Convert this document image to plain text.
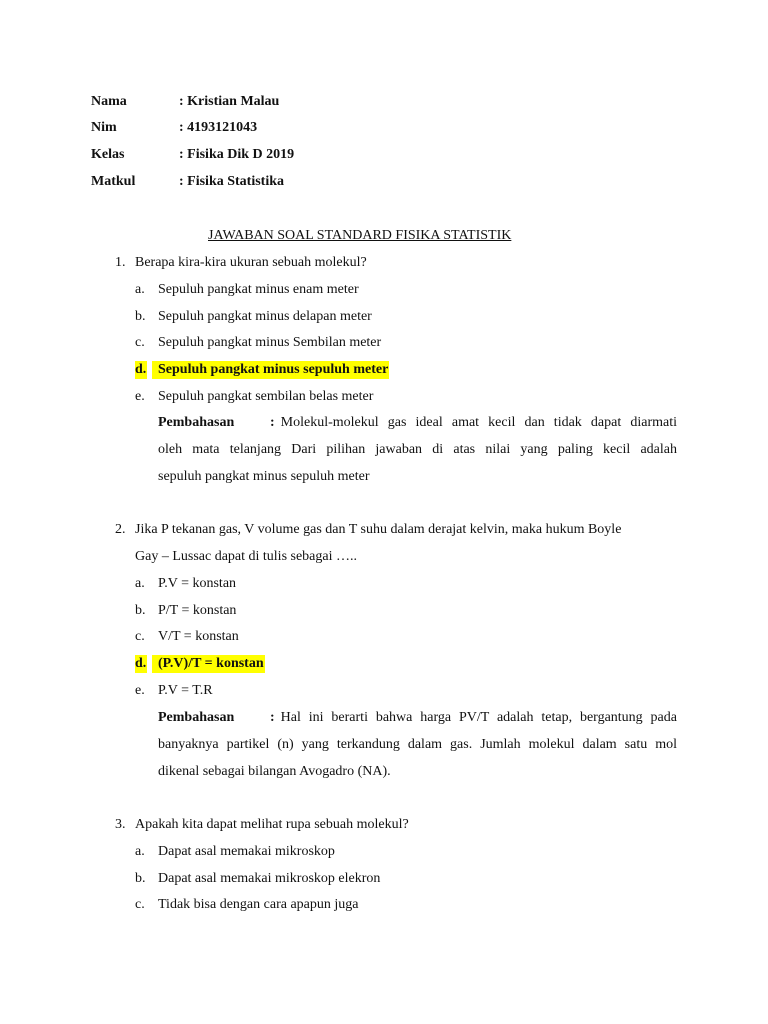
Nama	: Kristian Malau
Nim	: 4193121043
Kelas	: Fisika Dik D 2019
Matkul	: Fisika Statistika
JAWABAN SOAL STANDARD FISIKA STATISTIK
1. Berapa kira-kira ukuran sebuah molekul?
a. Sepuluh pangkat minus enam meter
b. Sepuluh pangkat minus delapan meter
c. Sepuluh pangkat minus Sembilan meter
d. Sepuluh pangkat minus sepuluh meter
e. Sepuluh pangkat sembilan belas meter
Pembahasan	: Molekul-molekul gas ideal amat kecil dan tidak dapat diarmati
oleh mata telanjang Dari pilihan jawaban di atas nilai yang paling kecil adalah
sepuluh pangkat minus sepuluh meter
2. Jika P tekanan gas, V volume gas dan T suhu dalam derajat kelvin, maka hukum Boyle
Gay – Lussac dapat di tulis sebagai …..
a. P.V = konstan
b. P/T = konstan
c. V/T = konstan
d. (P.V)/T = konstan
e. P.V = T.R
Pembahasan	: Hal ini berarti bahwa harga PV/T adalah tetap, bergantung pada
banyaknya partikel (n) yang terkandung dalam gas. Jumlah molekul dalam satu mol
dikenal sebagai bilangan Avogadro (NA).
3. Apakah kita dapat melihat rupa sebuah molekul?
a. Dapat asal memakai mikroskop
b. Dapat asal memakai mikroskop elekron
c. Tidak bisa dengan cara apapun juga
